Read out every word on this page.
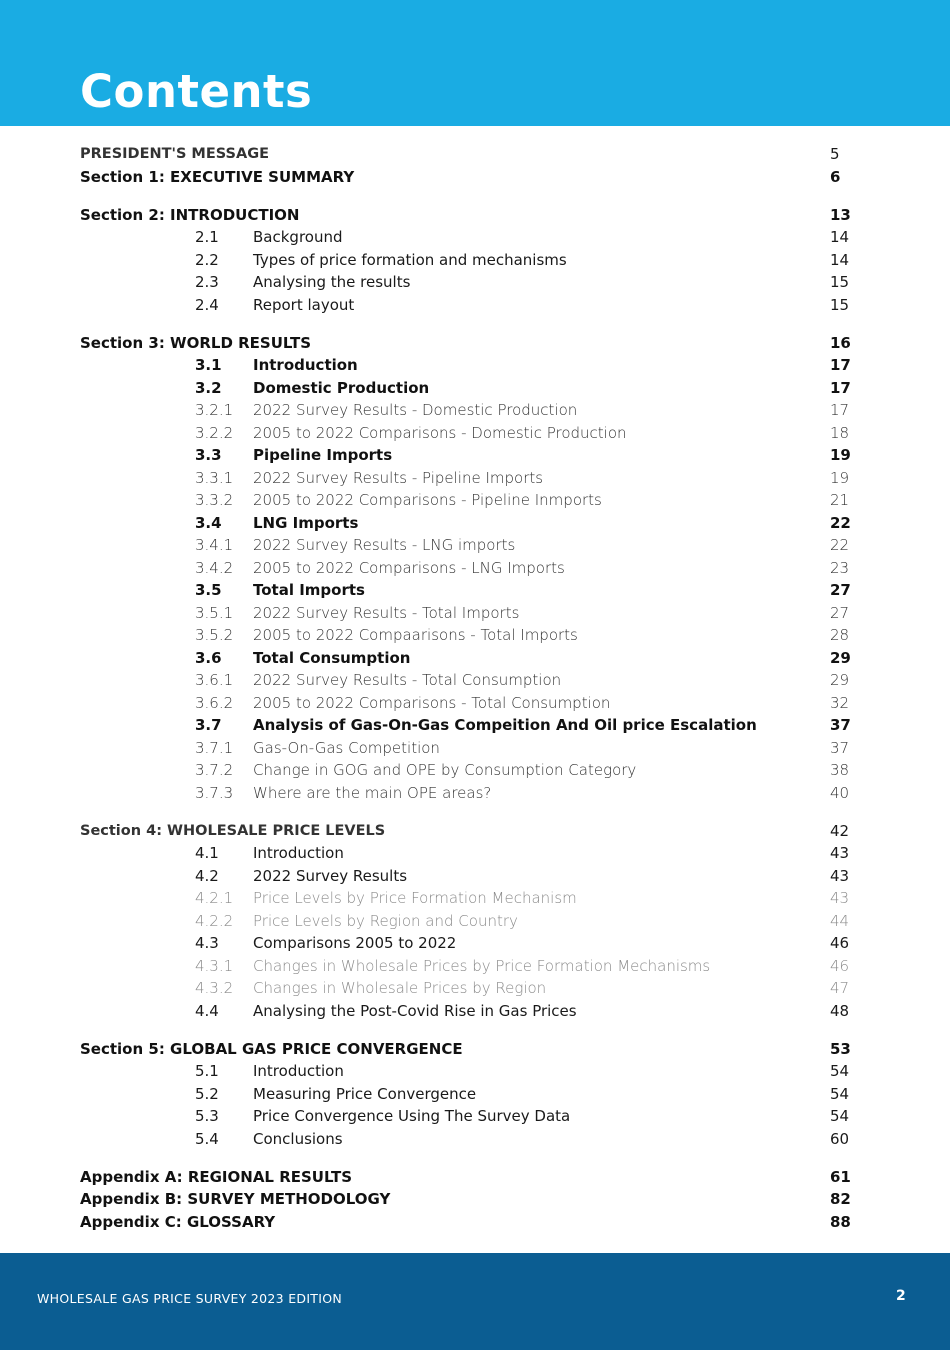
Contents
PRESIDENT'S MESSAGE	5
Section 1: EXECUTIVE SUMMARY	6
Section 2: INTRODUCTION	13
2.1 Background	14
2.2 Types of price formation and mechanisms	14
2.3 Analysing the results	15
2.4 Report layout	15
Section 3: WORLD RESULTS	16
3.1 Introduction	17
3.2 Domestic Production	17
3.2.1 2022 Survey Results - Domestic Production	17
3.2.2 2005 to 2022 Comparisons - Domestic Production	18
3.3 Pipeline Imports	19
3.3.1 2022 Survey Results - Pipeline Imports	19
3.3.2 2005 to 2022 Comparisons - Pipeline Inmports	21
3.4 LNG Imports	22
3.4.1 2022 Survey Results - LNG imports	22
3.4.2 2005 to 2022 Comparisons - LNG Imports	23
3.5 Total Imports	27
3.5.1 2022 Survey Results - Total Imports	27
3.5.2 2005 to 2022 Compaarisons - Total Imports	28
3.6 Total Consumption	29
3.6.1 2022 Survey Results - Total Consumption	29
3.6.2 2005 to 2022 Comparisons - Total Consumption	32
3.7 Analysis of Gas-On-Gas Compeition And Oil price Escalation	37
3.7.1 Gas-On-Gas Competition	37
3.7.2 Change in GOG and OPE by Consumption Category	38
3.7.3 Where are the main OPE areas?	40
Section 4: WHOLESALE PRICE LEVELS	42
4.1 Introduction	43
4.2 2022 Survey Results	43
4.2.1 Price Levels by Price Formation Mechanism	43
4.2.2 Price Levels by Region and Country	44
4.3 Comparisons 2005 to 2022	46
4.3.1 Changes in Wholesale Prices by Price Formation Mechanisms	46
4.3.2 Changes in Wholesale Prices by Region	47
4.4 Analysing the Post-Covid Rise in Gas Prices	48
Section 5: GLOBAL GAS PRICE CONVERGENCE	53
5.1 Introduction	54
5.2 Measuring Price Convergence	54
5.3 Price Convergence Using The Survey Data	54
5.4 Conclusions	60
Appendix A: REGIONAL RESULTS	61
Appendix B: SURVEY METHODOLOGY	82
Appendix C: GLOSSARY	88
WHOLESALE GAS PRICE SURVEY 2023 EDITION	2
